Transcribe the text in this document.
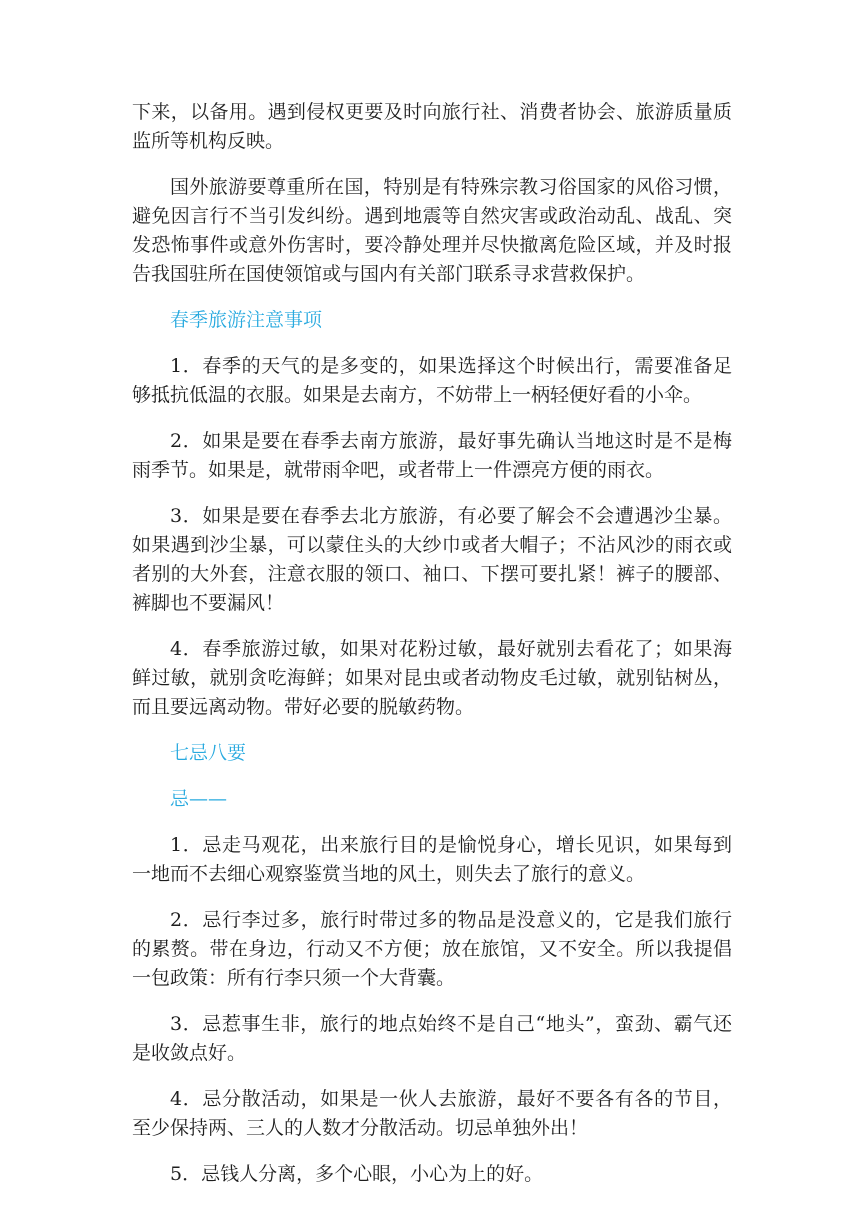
下来，以备用。遇到侵权更要及时向旅行社、消费者协会、旅游质量质监所等机构反映。

国外旅游要尊重所在国，特别是有特殊宗教习俗国家的风俗习惯，避免因言行不当引发纠纷。遇到地震等自然灾害或政治动乱、战乱、突发恐怖事件或意外伤害时，要冷静处理并尽快撤离危险区域，并及时报告我国驻所在国使领馆或与国内有关部门联系寻求营救保护。

春季旅游注意事项

1．春季的天气的是多变的，如果选择这个时候出行，需要准备足够抵抗低温的衣服。如果是去南方，不妨带上一柄轻便好看的小伞。

2．如果是要在春季去南方旅游，最好事先确认当地这时是不是梅雨季节。如果是，就带雨伞吧，或者带上一件漂亮方便的雨衣。

3．如果是要在春季去北方旅游，有必要了解会不会遭遇沙尘暴。如果遇到沙尘暴，可以蒙住头的大纱巾或者大帽子；不沾风沙的雨衣或者别的大外套，注意衣服的领口、袖口、下摆可要扎紧！裤子的腰部、裤脚也不要漏风！

4．春季旅游过敏，如果对花粉过敏，最好就别去看花了；如果海鲜过敏，就别贪吃海鲜；如果对昆虫或者动物皮毛过敏，就别钻树丛，而且要远离动物。带好必要的脱敏药物。

七忌八要

忌——

1．忌走马观花，出来旅行目的是愉悦身心，增长见识，如果每到一地而不去细心观察鉴赏当地的风土，则失去了旅行的意义。

2．忌行李过多，旅行时带过多的物品是没意义的，它是我们旅行的累赘。带在身边，行动又不方便；放在旅馆，又不安全。所以我提倡一包政策：所有行李只须一个大背囊。

3．忌惹事生非，旅行的地点始终不是自己“地头”，蛮劲、霸气还是收敛点好。

4．忌分散活动，如果是一伙人去旅游，最好不要各有各的节目，至少保持两、三人的人数才分散活动。切忌单独外出！

5．忌钱人分离，多个心眼，小心为上的好。
